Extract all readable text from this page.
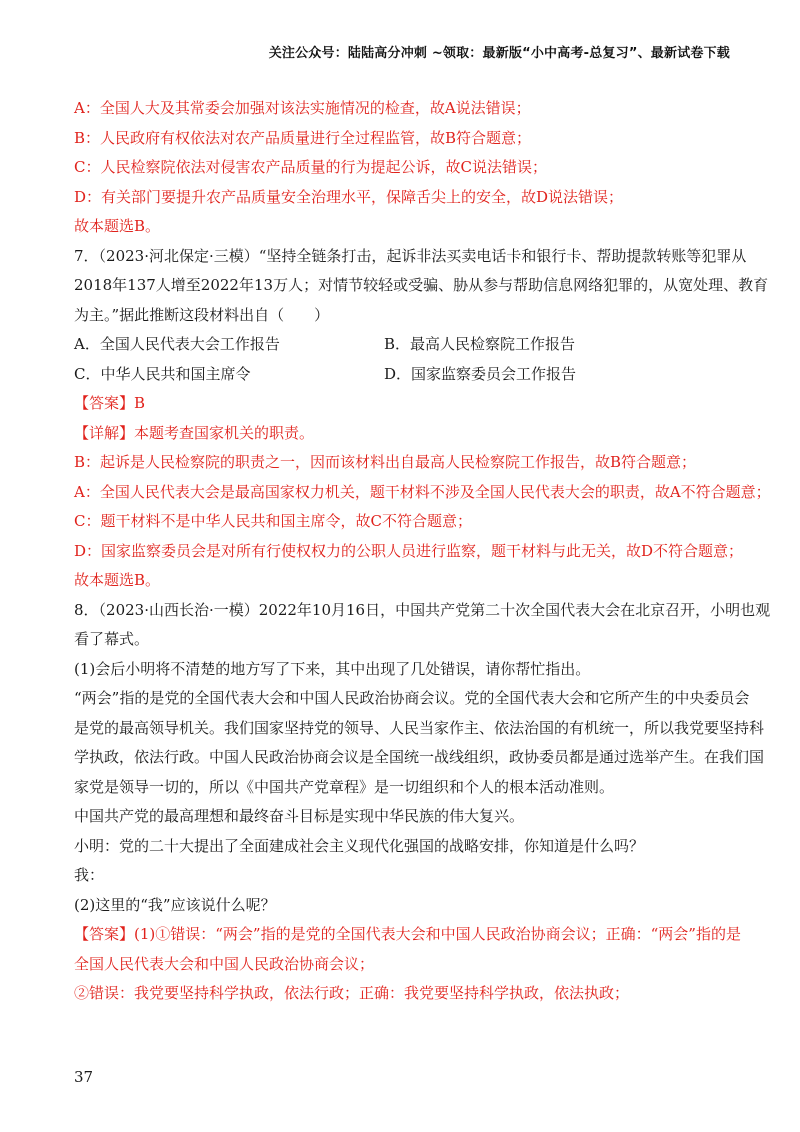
关注公众号：陆陆高分冲刺 ~领取：最新版“小中高考-总复习”、最新试卷下载
A：全国人大及其常委会加强对该法实施情况的检查，故A说法错误；
B：人民政府有权依法对农产品质量进行全过程监管，故B符合题意；
C：人民检察院依法对侵害农产品质量的行为提起公诉，故C说法错误；
D：有关部门要提升农产品质量安全治理水平，保障舌尖上的安全，故D说法错误；
故本题选B。
7．（2023·河北保定·三模）“坚持全链条打击，起诉非法买卖电话卡和银行卡、帮助提款转账等犯罪从
2018年137人增至2022年13万人；对情节较轻或受骗、胁从参与帮助信息网络犯罪的，从宽处理、教育
为主。”据此推断这段材料出自（　　）
A．全国人民代表大会工作报告	B．最高人民检察院工作报告
C．中华人民共和国主席令	D．国家监察委员会工作报告
【答案】B
【详解】本题考查国家机关的职责。
B：起诉是人民检察院的职责之一，因而该材料出自最高人民检察院工作报告，故B符合题意；
A：全国人民代表大会是最高国家权力机关，题干材料不涉及全国人民代表大会的职责，故A不符合题意；
C：题干材料不是中华人民共和国主席令，故C不符合题意；
D：国家监察委员会是对所有行使权权力的公职人员进行监察，题干材料与此无关，故D不符合题意；
故本题选B。
8．（2023·山西长治·一模）2022年10月16日，中国共产党第二十次全国代表大会在北京召开，小明也观
看了幕式。
(1)会后小明将不清楚的地方写了下来，其中出现了几处错误，请你帮忙指出。
“两会”指的是党的全国代表大会和中国人民政治协商会议。党的全国代表大会和它所产生的中央委员会
是党的最高领导机关。我们国家坚持党的领导、人民当家作主、依法治国的有机统一，所以我党要坚持科
学执政，依法行政。中国人民政治协商会议是全国统一战线组织，政协委员都是通过选举产生。在我们国
家党是领导一切的，所以《中国共产党章程》是一切组织和个人的根本活动准则。
中国共产党的最高理想和最终奋斗目标是实现中华民族的伟大复兴。
小明：党的二十大提出了全面建成社会主义现代化强国的战略安排，你知道是什么吗？
我：
(2)这里的“我”应该说什么呢？
【答案】(1)①错误：“两会”指的是党的全国代表大会和中国人民政治协商会议；正确：“两会”指的是
全国人民代表大会和中国人民政治协商会议；
②错误：我党要坚持科学执政，依法行政；正确：我党要坚持科学执政，依法执政；
37
